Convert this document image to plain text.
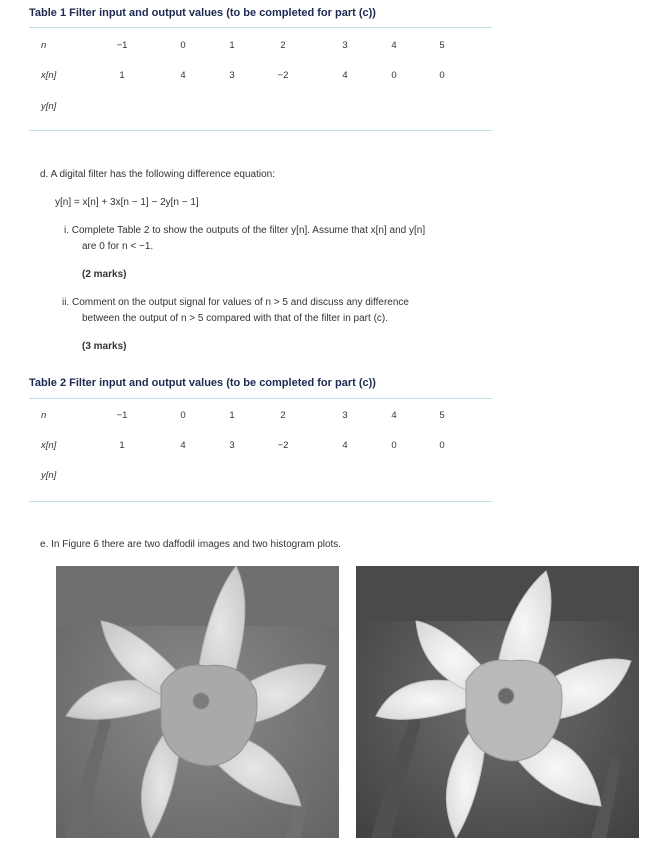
Table 1 Filter input and output values (to be completed for part (c))
n	−1	0	1	2	3	4	5
x[n]	1	4	3	−2	4	0	0
y[n]
d. A digital filter has the following difference equation:
y[n] = x[n] + 3x[n − 1] − 2y[n − 1]
i. Complete Table 2 to show the outputs of the filter y[n]. Assume that x[n] and y[n]
are 0 for n < −1.
(2 marks)
ii. Comment on the output signal for values of n > 5 and discuss any difference
between the output of n > 5 compared with that of the filter in part (c).
(3 marks)
Table 2 Filter input and output values (to be completed for part (c))
n	−1	0	1	2	3	4	5
x[n]	1	4	3	−2	4	0	0
y[n]
e. In Figure 6 there are two daffodil images and two histogram plots.
